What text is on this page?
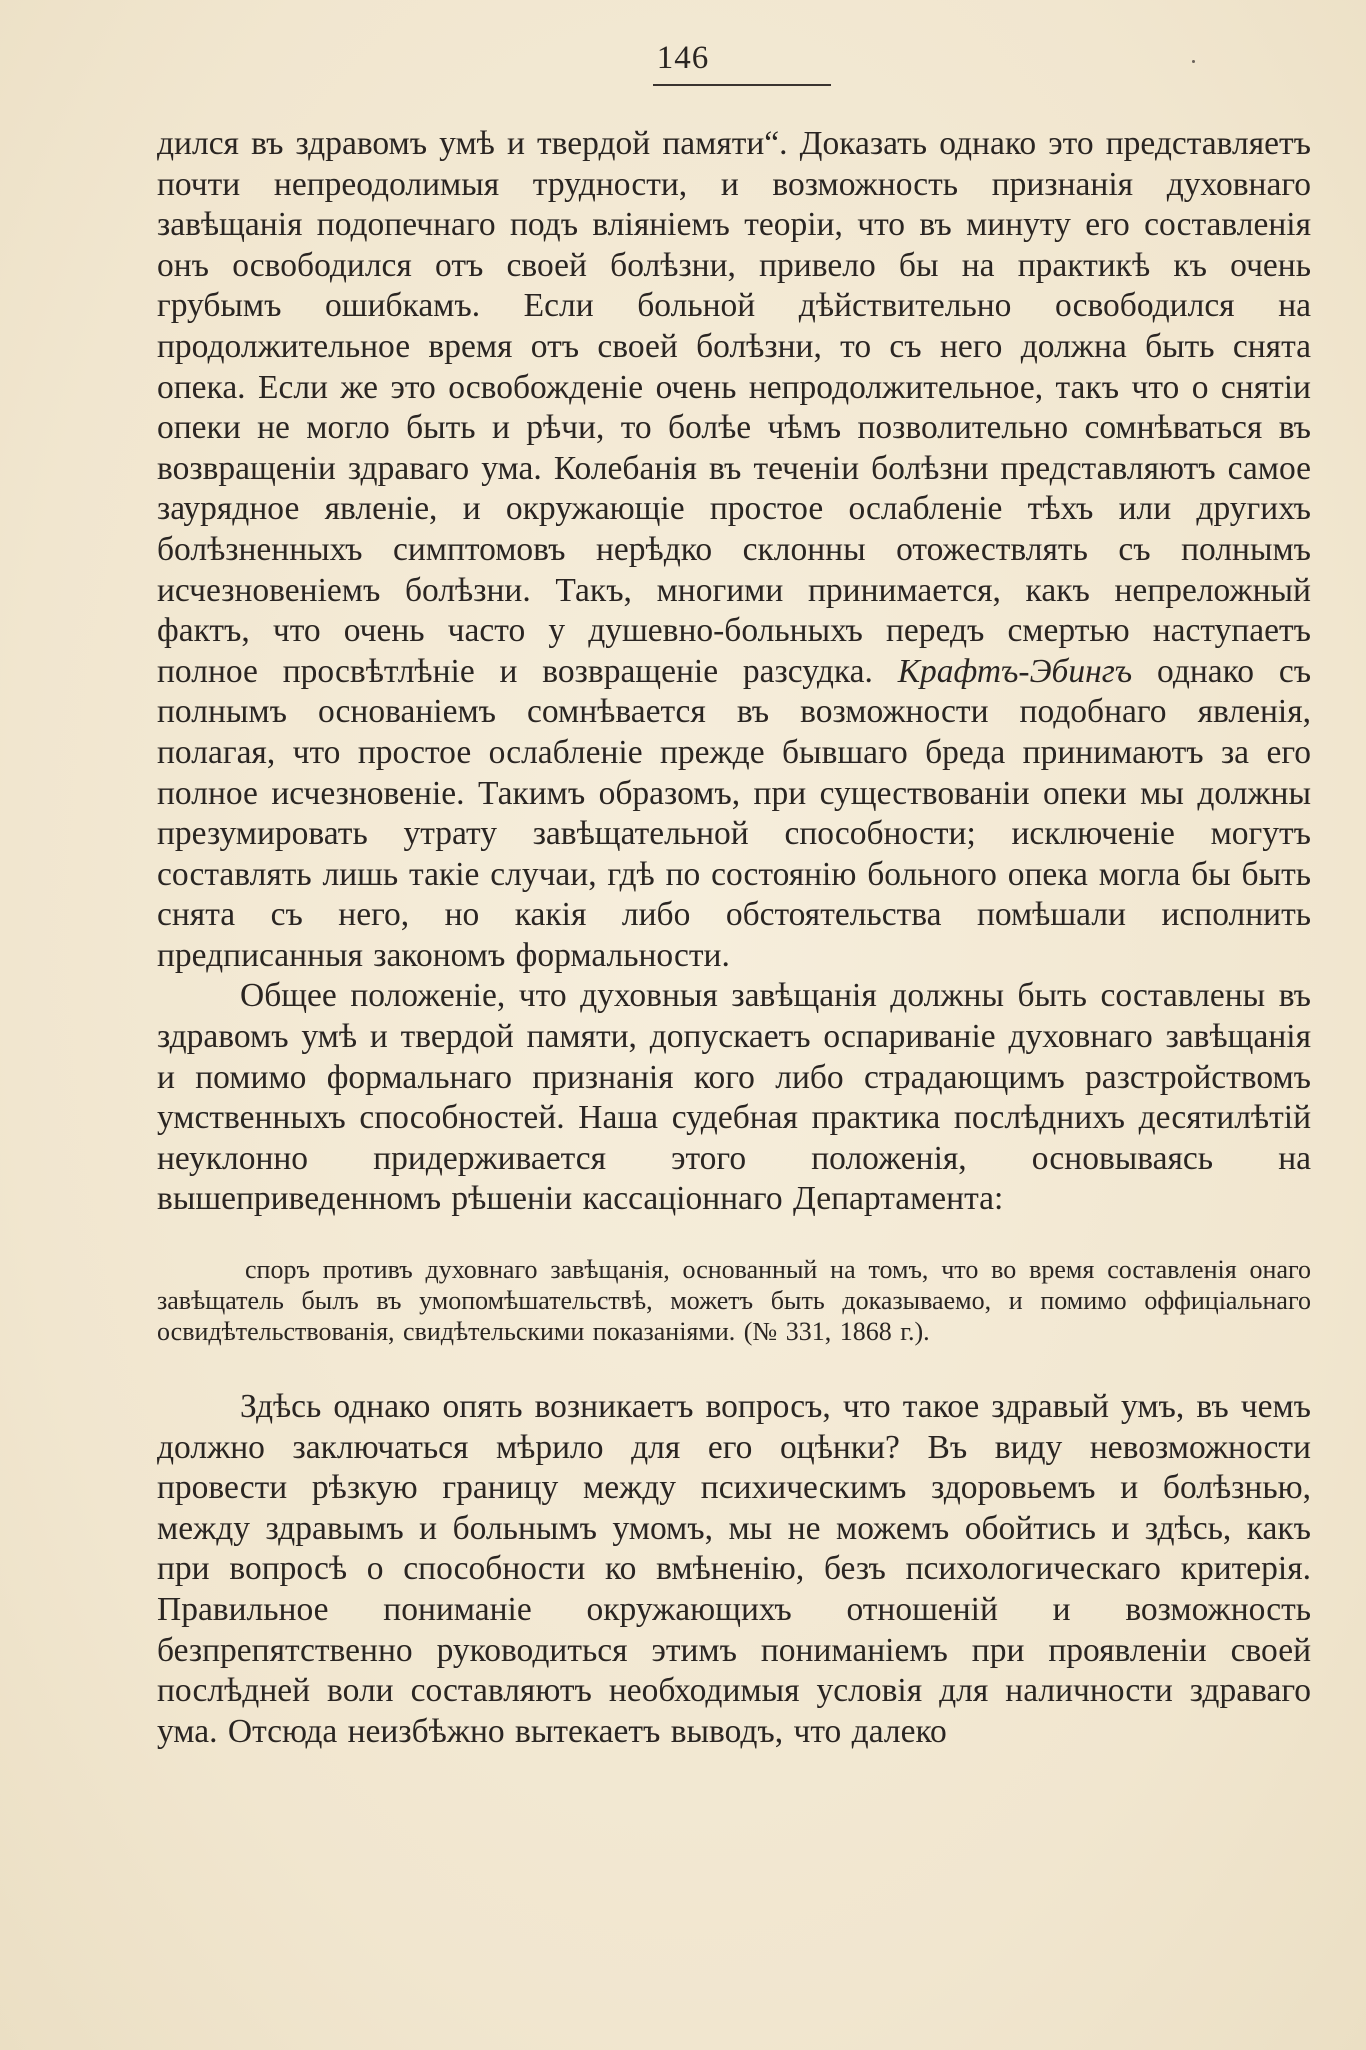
146

дился въ здравомъ умѣ и твердой памяти“. Доказать однако это представляетъ почти непреодолимыя трудности, и возможность признанія духовнаго завѣщанія подопечнаго подъ вліяніемъ теоріи, что въ минуту его составленія онъ освободился отъ своей болѣзни, привело бы на практикѣ къ очень грубымъ ошибкамъ. Если больной дѣйствительно освободился на продолжительное время отъ своей болѣзни, то съ него должна быть снята опека. Если же это освобожденіе очень непродолжительное, такъ что о снятіи опеки не могло быть и рѣчи, то болѣе чѣмъ позволительно сомнѣваться въ возвращеніи здраваго ума. Колебанія въ теченіи болѣзни представляютъ самое заурядное явленіе, и окружающіе простое ослабленіе тѣхъ или другихъ болѣзненныхъ симптомовъ нерѣдко склонны отожествлять съ полнымъ исчезновеніемъ болѣзни. Такъ, многими принимается, какъ непреложный фактъ, что очень часто у душевно-больныхъ передъ смертью наступаетъ полное просвѣтлѣніе и возвращеніе разсудка. Крафтъ-Эбингъ однако съ полнымъ основаніемъ сомнѣвается въ возможности подобнаго явленія, полагая, что простое ослабленіе прежде бывшаго бреда принимаютъ за его полное исчезновеніе. Такимъ образомъ, при существованіи опеки мы должны презумировать утрату завѣщательной способности; исключеніе могутъ составлять лишь такіе случаи, гдѣ по состоянію больного опека могла бы быть снята съ него, но какія либо обстоятельства помѣшали исполнить предписанныя закономъ формальности.

Общее положеніе, что духовныя завѣщанія должны быть составлены въ здравомъ умѣ и твердой памяти, допускаетъ оспариваніе духовнаго завѣщанія и помимо формальнаго признанія кого либо страдающимъ разстройствомъ умственныхъ способностей. Наша судебная практика послѣднихъ десятилѣтій неуклонно придерживается этого положенія, основываясь на вышеприведенномъ рѣшеніи кассаціоннаго Департамента:

споръ противъ духовнаго завѣщанія, основанный на томъ, что во время составленія онаго завѣщатель былъ въ умопомѣшательствѣ, можетъ быть доказываемо, и помимо оффиціальнаго освидѣтельствованія, свидѣтельскими показаніями. (№ 331, 1868 г.).

Здѣсь однако опять возникаетъ вопросъ, что такое здравый умъ, въ чемъ должно заключаться мѣрило для его оцѣнки? Въ виду невозможности провести рѣзкую границу между психическимъ здоровьемъ и болѣзнью, между здравымъ и больнымъ умомъ, мы не можемъ обойтись и здѣсь, какъ при вопросѣ о способности ко вмѣненію, безъ психологическаго критерія. Правильное пониманіе окружающихъ отношеній и возможность безпрепятственно руководиться этимъ пониманіемъ при проявленіи своей послѣдней воли составляютъ необходимыя условія для наличности здраваго ума. Отсюда неизбѣжно вытекаетъ выводъ, что далеко
